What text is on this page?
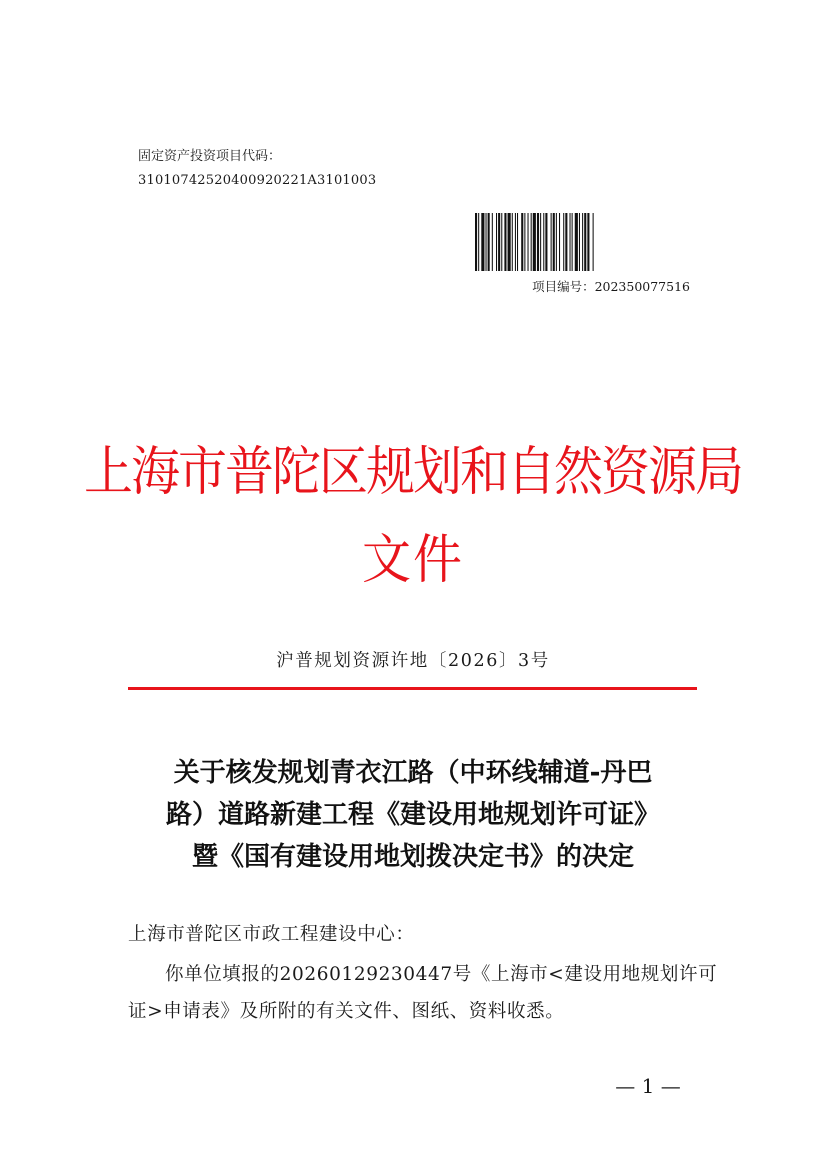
固定资产投资项目代码：
31010742520400920221A3101003
项目编号：202350077516
上海市普陀区规划和自然资源局
文件
沪普规划资源许地〔2026〕3号
关于核发规划青衣江路（中环线辅道-丹巴
路）道路新建工程《建设用地规划许可证》
暨《国有建设用地划拨决定书》的决定
上海市普陀区市政工程建设中心：
你单位填报的20260129230447号《上海市<建设用地规划许可证>申请表》及所附的有关文件、图纸、资料收悉。
— 1 —
